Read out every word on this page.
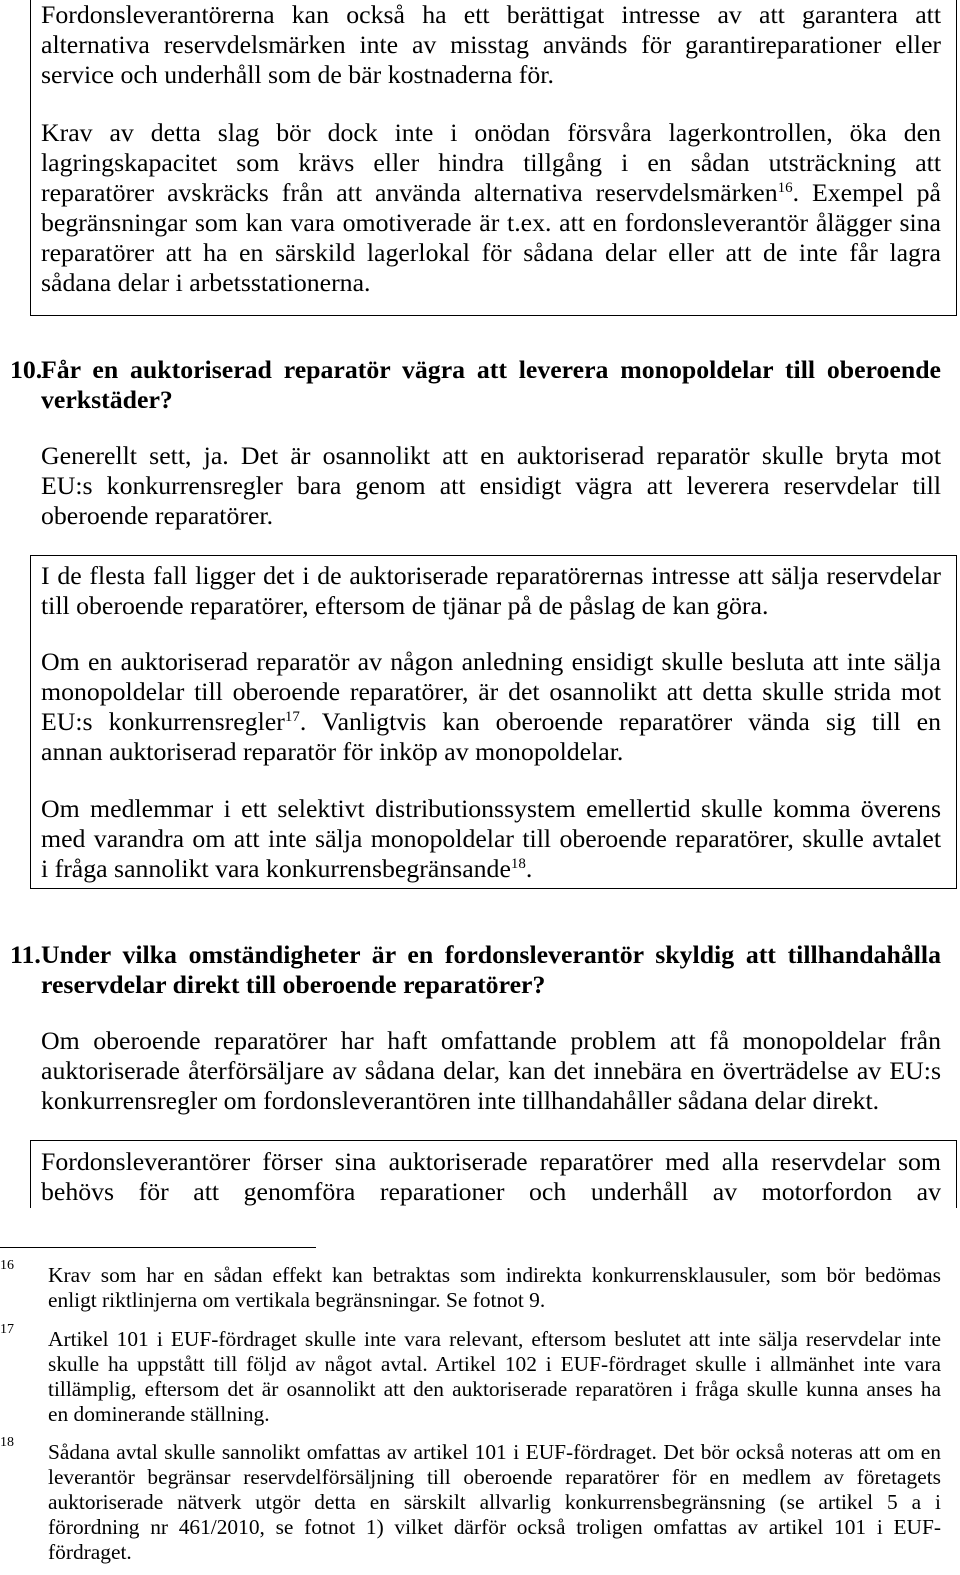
Fordonsleverantörerna kan också ha ett berättigat intresse av att garantera att
alternativa reservdelsmärken inte av misstag används för garantireparationer eller
service och underhåll som de bär kostnaderna för.
Krav av detta slag bör dock inte i onödan försvåra lagerkontrollen, öka den
lagringskapacitet som krävs eller hindra tillgång i en sådan utsträckning att
reparatörer avskräcks från att använda alternativa reservdelsmärken$^{16}$. Exempel på
begränsningar som kan vara omotiverade är t.ex. att en fordonsleverantör ålägger sina
reparatörer att ha en särskild lagerlokal för sådana delar eller att de inte får lagra
sådana delar i arbetsstationerna.
10.
Får en auktoriserad reparatör vägra att leverera monopoldelar till oberoende
verkstäder?
Generellt sett, ja. Det är osannolikt att en auktoriserad reparatör skulle bryta mot
EU:s konkurrensregler bara genom att ensidigt vägra att leverera reservdelar till
oberoende reparatörer.
I de flesta fall ligger det i de auktoriserade reparatörernas intresse att sälja reservdelar
till oberoende reparatörer, eftersom de tjänar på de påslag de kan göra.
Om en auktoriserad reparatör av någon anledning ensidigt skulle besluta att inte sälja
monopoldelar till oberoende reparatörer, är det osannolikt att detta skulle strida mot
EU:s konkurrensregler$^{17}$. Vanligtvis kan oberoende reparatörer vända sig till en
annan auktoriserad reparatör för inköp av monopoldelar.
Om medlemmar i ett selektivt distributionssystem emellertid skulle komma överens
med varandra om att inte sälja monopoldelar till oberoende reparatörer, skulle avtalet
i fråga sannolikt vara konkurrensbegränsande$^{18}$.
11. Under vilka omständigheter är en fordonsleverantör skyldig att tillhandahålla
reservdelar direkt till oberoende reparatörer?
Om oberoende reparatörer har haft omfattande problem att få monopoldelar från
auktoriserade återförsäljare av sådana delar, kan det innebära en överträdelse av EU:s
konkurrensregler om fordonsleverantören inte tillhandahåller sådana delar direkt.
Fordonsleverantörer förser sina auktoriserade reparatörer med alla reservdelar som
behövs för att genomföra reparationer och underhåll av motorfordon av
16 Krav som har en sådan effekt kan betraktas som indirekta konkurrensklausuler, som bör bedömas
enligt riktlinjerna om vertikala begränsningar. Se fotnot 9.
17 Artikel 101 i EUF-fördraget skulle inte vara relevant, eftersom beslutet att inte sälja reservdelar inte
skulle ha uppstått till följd av något avtal. Artikel 102 i EUF-fördraget skulle i allmänhet inte vara
tillämplig, eftersom det är osannolikt att den auktoriserade reparatören i fråga skulle kunna anses ha
en dominerande ställning.
18 Sådana avtal skulle sannolikt omfattas av artikel 101 i EUF-fördraget. Det bör också noteras att om en
leverantör begränsar reservdelförsäljning till oberoende reparatörer för en medlem av företagets
auktoriserade nätverk utgör detta en särskilt allvarlig konkurrensbegränsning (se artikel 5 a i
förordning nr 461/2010, se fotnot 1) vilket därför också troligen omfattas av artikel 101 i EUF-
fördraget.
